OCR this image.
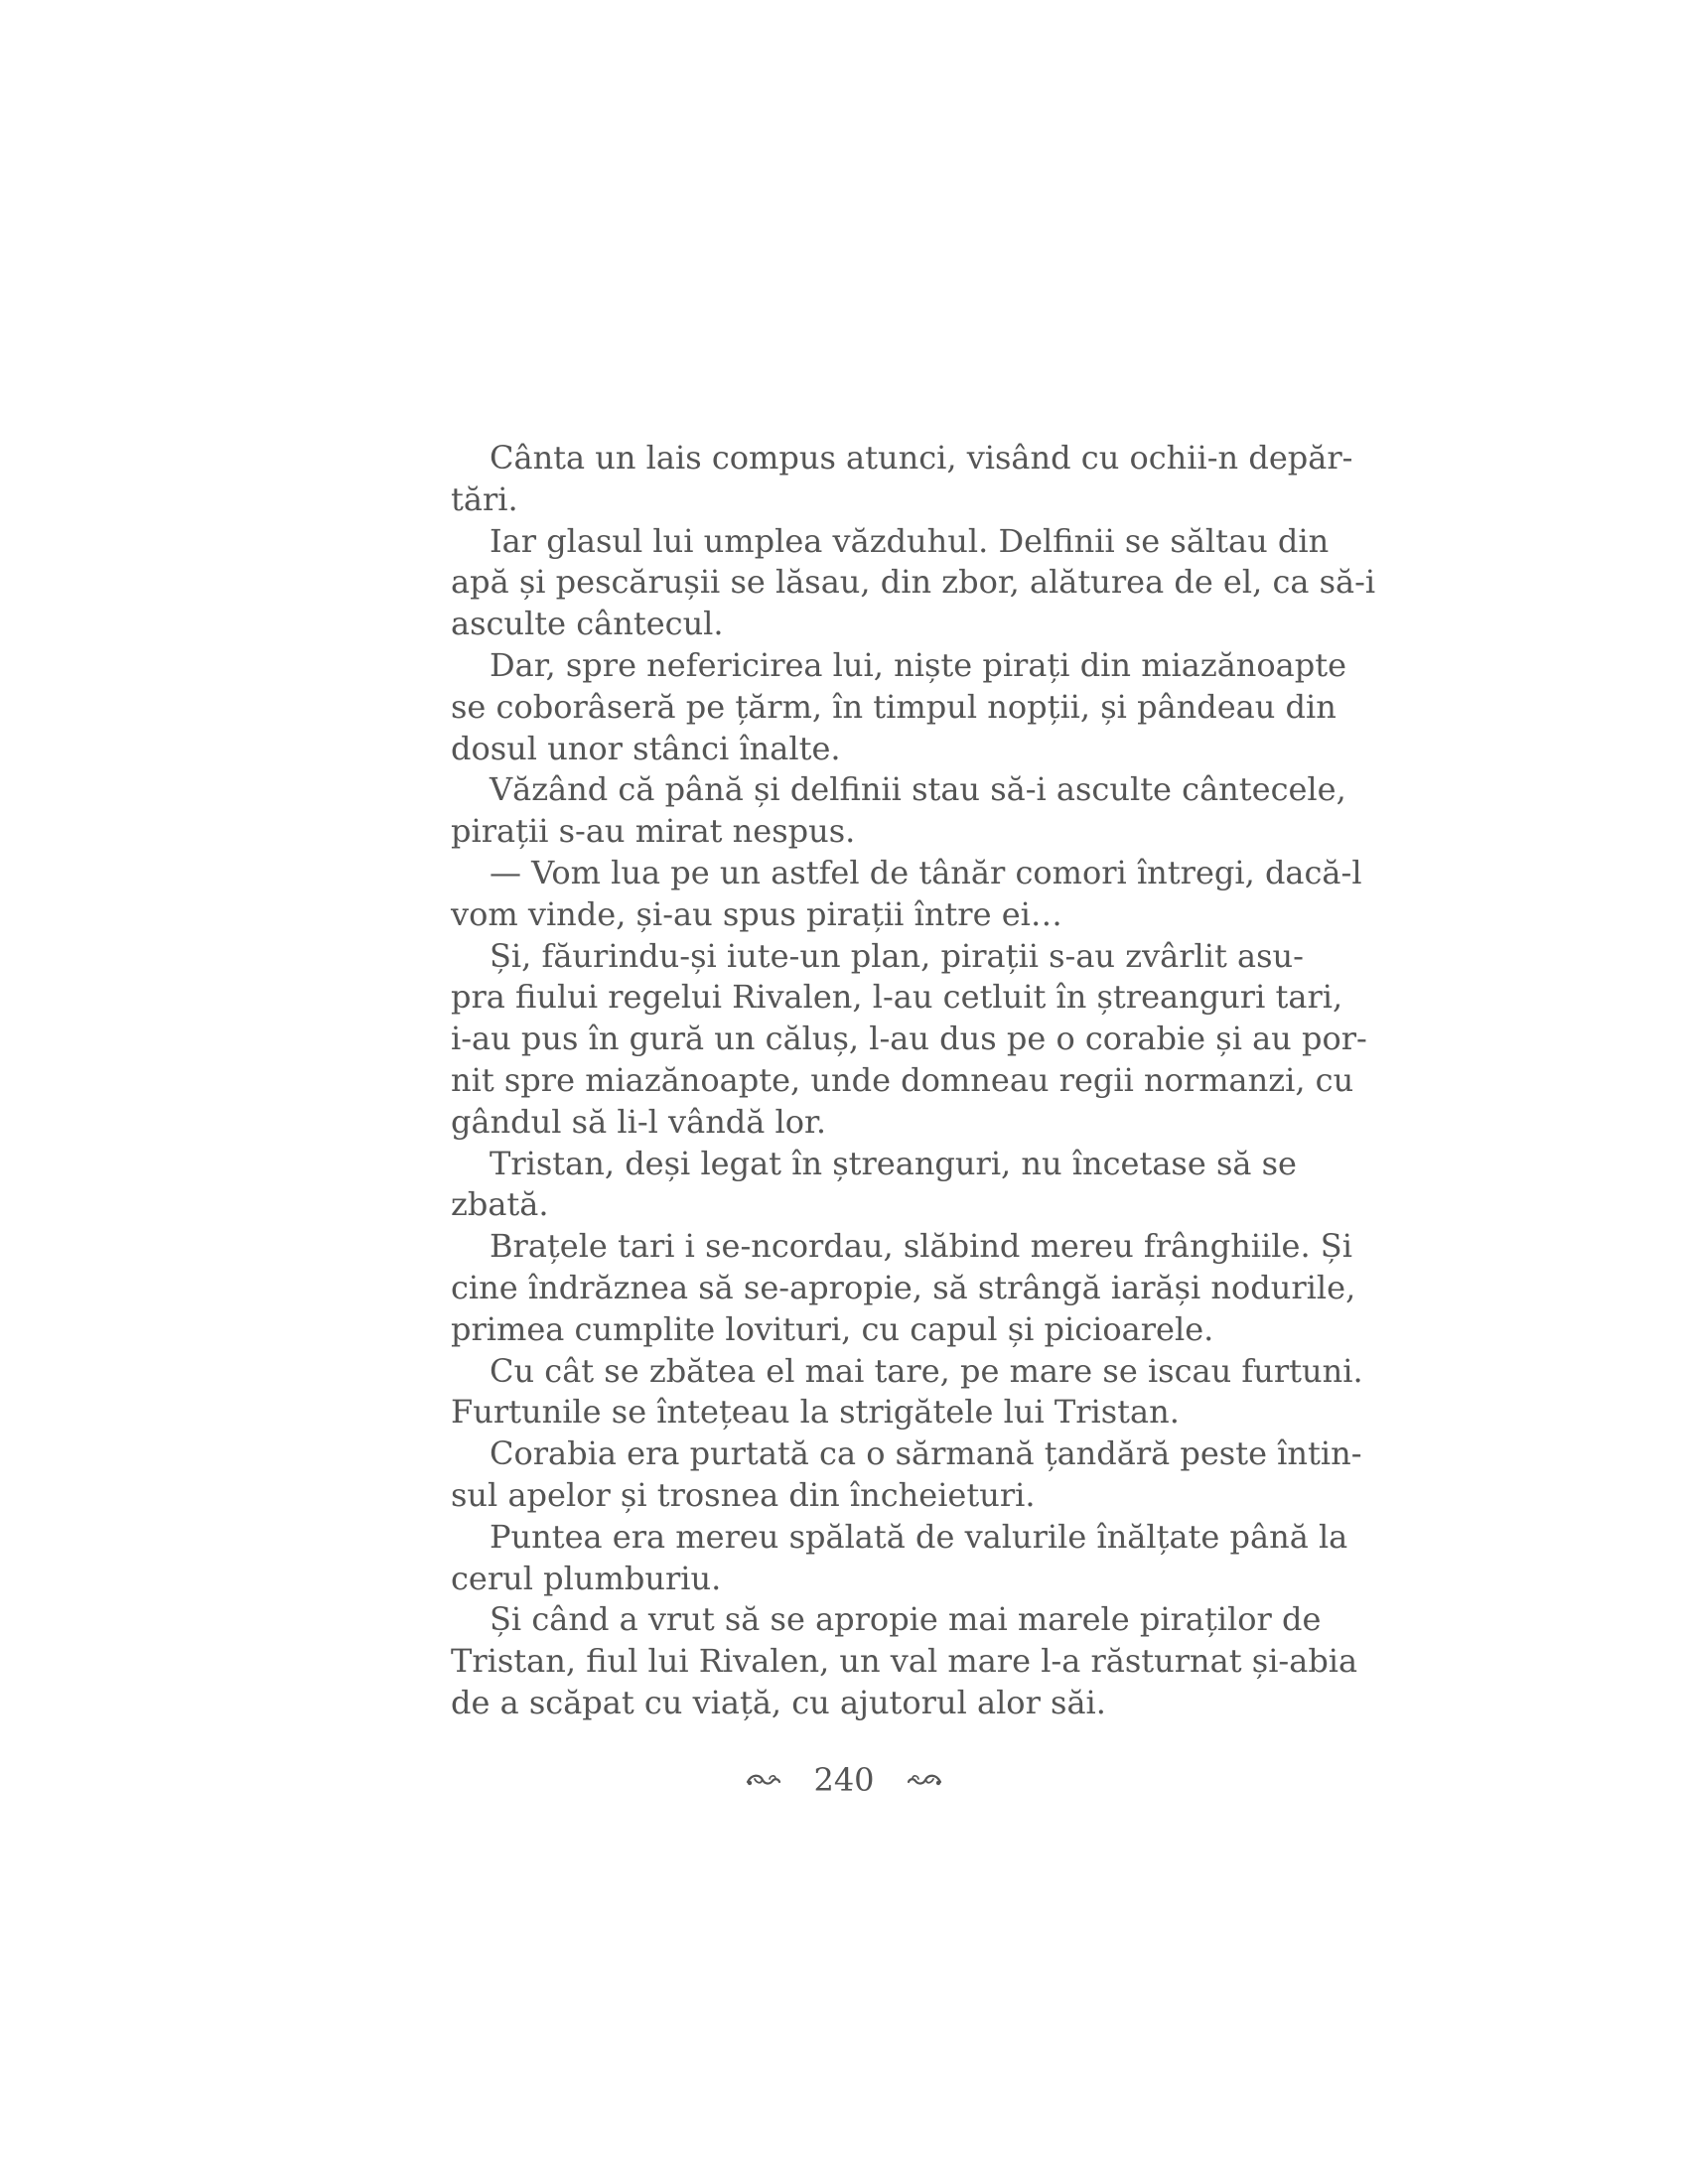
Cânta un lais compus atunci, visând cu ochii-n depăr-
tări.
Iar glasul lui umplea văzduhul. Delfinii se săltau din
apă și pescărușii se lăsau, din zbor, alăturea de el, ca să-i
asculte cântecul.
Dar, spre nefericirea lui, niște pirați din miazănoapte
se coborâseră pe țărm, în timpul nopții, și pândeau din
dosul unor stânci înalte.
Văzând că până și delfinii stau să-i asculte cântecele,
pirații s-au mirat nespus.
— Vom lua pe un astfel de tânăr comori întregi, dacă-l
vom vinde, și-au spus pirații între ei…
Și, făurindu-și iute-un plan, pirații s-au zvârlit asu-
pra fiului regelui Rivalen, l-au cetluit în ștreanguri tari,
i-au pus în gură un căluș, l-au dus pe o corabie și au por-
nit spre miazănoapte, unde domneau regii normanzi, cu
gândul să li-l vândă lor.
Tristan, deși legat în ștreanguri, nu încetase să se
zbată.
Brațele tari i se-ncordau, slăbind mereu frânghiile. Și
cine îndrăznea să se-apropie, să strângă iarăși nodurile,
primea cumplite lovituri, cu capul și picioarele.
Cu cât se zbătea el mai tare, pe mare se iscau furtuni.
Furtunile se întețeau la strigătele lui Tristan.
Corabia era purtată ca o sărmană țandără peste întin-
sul apelor și trosnea din încheieturi.
Puntea era mereu spălată de valurile înălțate până la
cerul plumburiu.
Și când a vrut să se apropie mai marele piraților de
Tristan, fiul lui Rivalen, un val mare l-a răsturnat și-abia
de a scăpat cu viață, cu ajutorul alor săi.
240
